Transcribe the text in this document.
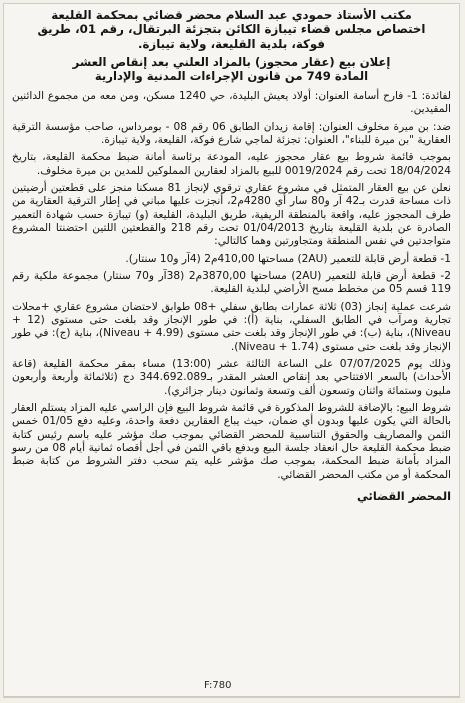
مكتب الأستاذ حمودي عبد السلام محضر قضائي بمحكمة القليعة
اختصاص مجلس قضاء تيبازة الكائن بتجزئة البرتقال، رقم 01، طريق
فوكة، بلدية القليعة، ولاية تيبازة.
إعلان بيع (عقار محجوز) بالمزاد العلني بعد إنقاص العشر
المادة 749 من قانون الإجراءات المدنية والإدارية

لفائدة: 1- فارح أسامة العنوان: أولاد يعيش البليدة، حي 1240 مسكن، ومن معه من مجموع الدائنين المقيدين.

ضد: بن ميرة مخلوف العنوان: إقامة زيدان الطابق 06 رقم 08 - بومرداس، صاحب مؤسسة الترقية العقارية "بن ميرة للبناء"، العنوان: تجزئة لماجي شارع فوكة، القليعة، ولاية تيبازة.

بموجب قائمة شروط بيع عقار محجوز عليه، المودعة برئاسة أمانة ضبط محكمة القليعة، بتاريخ 18/04/2024 تحت رقم 0019/2024 للبيع بالمزاد لعقارين المملوكين للمدين بن ميرة مخلوف.

نعلن عن بيع العقار المتمثل في مشروع عقاري ترقوي لإنجاز 81 مسكنا منجز على قطعتين أرضيتين ذات مساحة قدرت بـ42 آر و80 سار أي 4280م2، أنجزت عليها مباني في إطار الترقية العقارية من طرف المحجوز عليه، واقعة بالمنطقة الريفية، طريق البليدة، القليعة (و) تيبازة حسب شهادة التعمير الصادرة عن بلدية القليعة بتاريخ 01/04/2013 تحت رقم 218 والقطعتين اللتين احتضنتا المشروع متواجدتين في نفس المنطقة ومتجاورتين وهما كالتالي:

1- قطعة أرض قابلة للتعمير (2AU) مساحتها 410,00م2 (4آر و10 سنتار).

2- قطعة أرض قابلة للتعمير (2AU) مساحتها 3870,00م2 (38آر و70 سنتار) مجموعة ملكية رقم 119 قسم 05 من مخطط مسح الأراضي لبلدية القليعة.

شرعت عملية إنجاز (03) ثلاثة عمارات بطابق سفلي +08 طوابق لاحتضان مشروع عقاري +محلات تجارية ومرآب في الطابق السفلي، بناية (أ): في طور الإنجاز وقد بلغت حتى مستوى (12 + Niveau)، بناية (ب): في طور الإنجاز وقد بلغت حتى مستوى (4.99 + Niveau)، بناية (ج): في طور الإنجاز وقد بلغت حتى مستوى (1.74 + Niveau).

وذلك يوم 07/07/2025 على الساعة الثالثة عشر (13:00) مساء بمقر محكمة القليعة (قاعة الأحداث) بالسعر الافتتاحي بعد إنقاص العشر المقدر بـ344.692.089 دج (ثلاثمائة وأربعة وأربعون مليون وستمائة واثنان وتسعون ألف وتسعة وثمانون دينار جزائري).

شروط البيع: بالإضافة للشروط المذكورة في قائمة شروط البيع فإن الراسي عليه المزاد يستلم العقار بالحالة التي يكون عليها وبدون أي ضمان، حيث يباع العقارين دفعة واحدة، وعليه دفع 01/05 خمس الثمن والمصاريف والحقوق التناسبية للمحضر القضائي بموجب صك مؤشر عليه باسم رئيس كتابة ضبط محكمة القليعة حال انعقاد جلسة البيع وبدفع باقي الثمن في أجل أقصاه ثمانية أيام 08 من رسو المزاد بأمانة ضبط المحكمة، بموجب صك مؤشر عليه يتم سحب دفتر الشروط من كتابة ضبط المحكمة أو من مكتب المحضر القضائي.

المحضر القضائي
F:780
